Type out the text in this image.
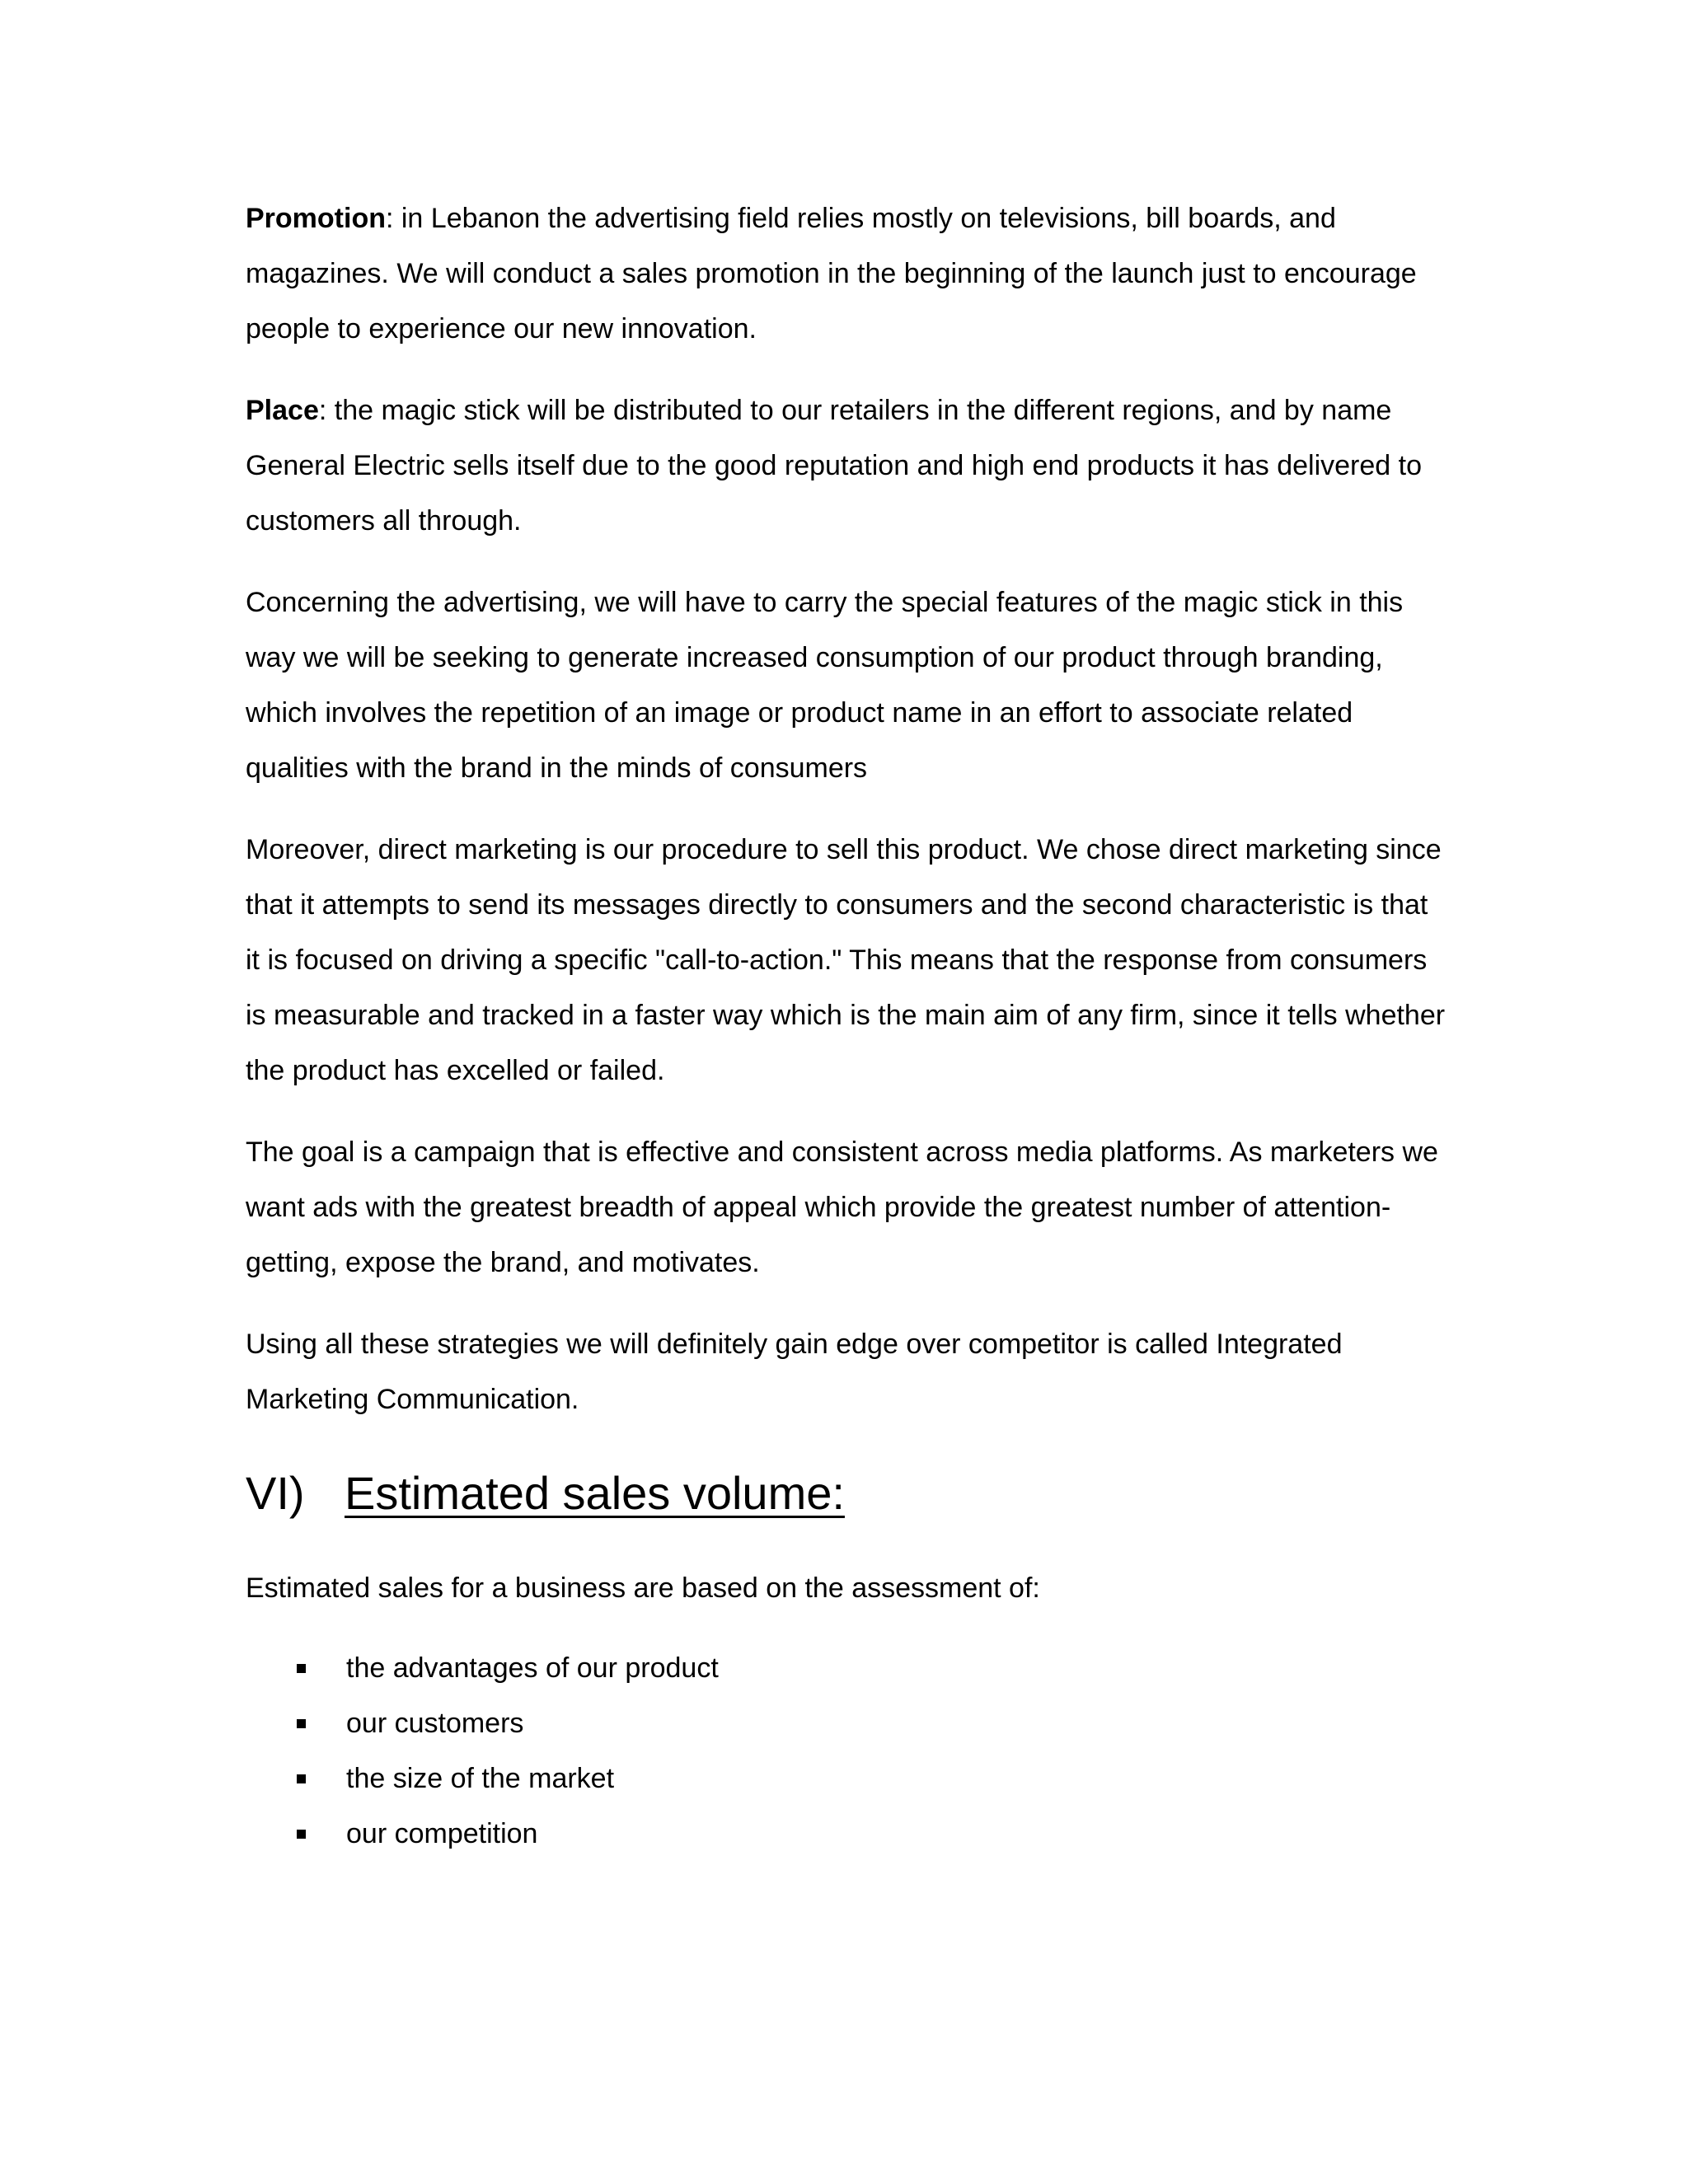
Promotion: in Lebanon the advertising field relies mostly on televisions, bill boards, and magazines. We will conduct a sales promotion in the beginning of the launch just to encourage people to experience our new innovation.

Place: the magic stick will be distributed to our retailers in the different regions, and by name General Electric sells itself due to the good reputation and high end products it has delivered to customers all through.

Concerning the advertising, we will have to carry the special features of the magic stick in this way we will be seeking to generate increased consumption of our product through branding, which involves the repetition of an image or product name in an effort to associate related qualities with the brand in the minds of consumers

Moreover, direct marketing is our procedure to sell this product. We chose direct marketing since that it attempts to send its messages directly to consumers and the second characteristic is that it is focused on driving a specific "call-to-action." This means that the response from consumers is measurable and tracked in a faster way which is the main aim of any firm, since it tells whether the product has excelled or failed.

The goal is a campaign that is effective and consistent across media platforms. As marketers we want ads with the greatest breadth of appeal which provide the greatest number of attention-getting, expose the brand, and motivates.

Using all these strategies we will definitely gain edge over competitor is called Integrated Marketing Communication.

VI) Estimated sales volume:

Estimated sales for a business are based on the assessment of:

the advantages of our product
our customers
the size of the market
our competition
